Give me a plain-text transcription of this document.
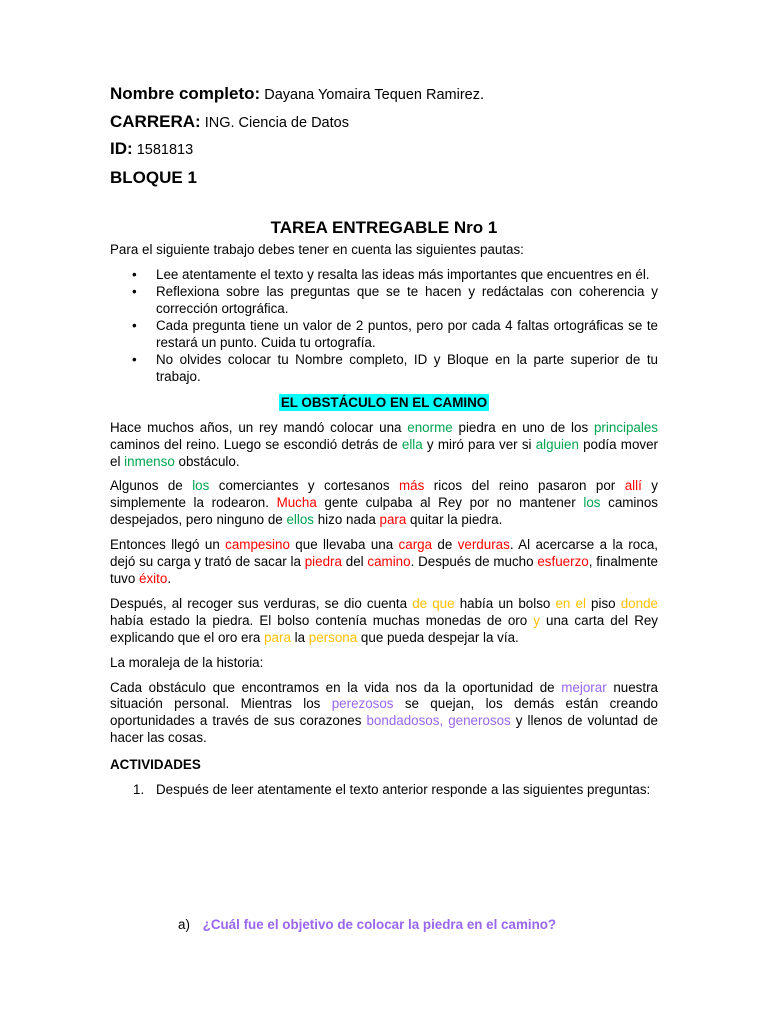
Nombre completo: Dayana Yomaira Tequen Ramirez.
CARRERA: ING. Ciencia de Datos
ID: 1581813
BLOQUE 1
TAREA ENTREGABLE Nro 1

Para el siguiente trabajo debes tener en cuenta las siguientes pautas:

• Lee atentamente el texto y resalta las ideas más importantes que encuentres en él.
• Reflexiona sobre las preguntas que se te hacen y redáctalas con coherencia y corrección ortográfica.
• Cada pregunta tiene un valor de 2 puntos, pero por cada 4 faltas ortográficas se te restará un punto. Cuida tu ortografía.
• No olvides colocar tu Nombre completo, ID y Bloque en la parte superior de tu trabajo.
EL OBSTÁCULO EN EL CAMINO

Hace muchos años, un rey mandó colocar una enorme piedra en uno de los principales caminos del reino. Luego se escondió detrás de ella y miró para ver si alguien podía mover el inmenso obstáculo.

Algunos de los comerciantes y cortesanos más ricos del reino pasaron por allí y simplemente la rodearon. Mucha gente culpaba al Rey por no mantener los caminos despejados, pero ninguno de ellos hizo nada para quitar la piedra.

Entonces llegó un campesino que llevaba una carga de verduras. Al acercarse a la roca, dejó su carga y trató de sacar la piedra del camino. Después de mucho esfuerzo, finalmente tuvo éxito.

Después, al recoger sus verduras, se dio cuenta de que había un bolso en el piso donde había estado la piedra. El bolso contenía muchas monedas de oro y una carta del Rey explicando que el oro era para la persona que pueda despejar la vía.

La moraleja de la historia:

Cada obstáculo que encontramos en la vida nos da la oportunidad de mejorar nuestra situación personal. Mientras los perezosos se quejan, los demás están creando oportunidades a través de sus corazones bondadosos, generosos y llenos de voluntad de hacer las cosas.

ACTIVIDADES
1. Después de leer atentamente el texto anterior responde a las siguientes preguntas:
a) ¿Cuál fue el objetivo de colocar la piedra en el camino?
